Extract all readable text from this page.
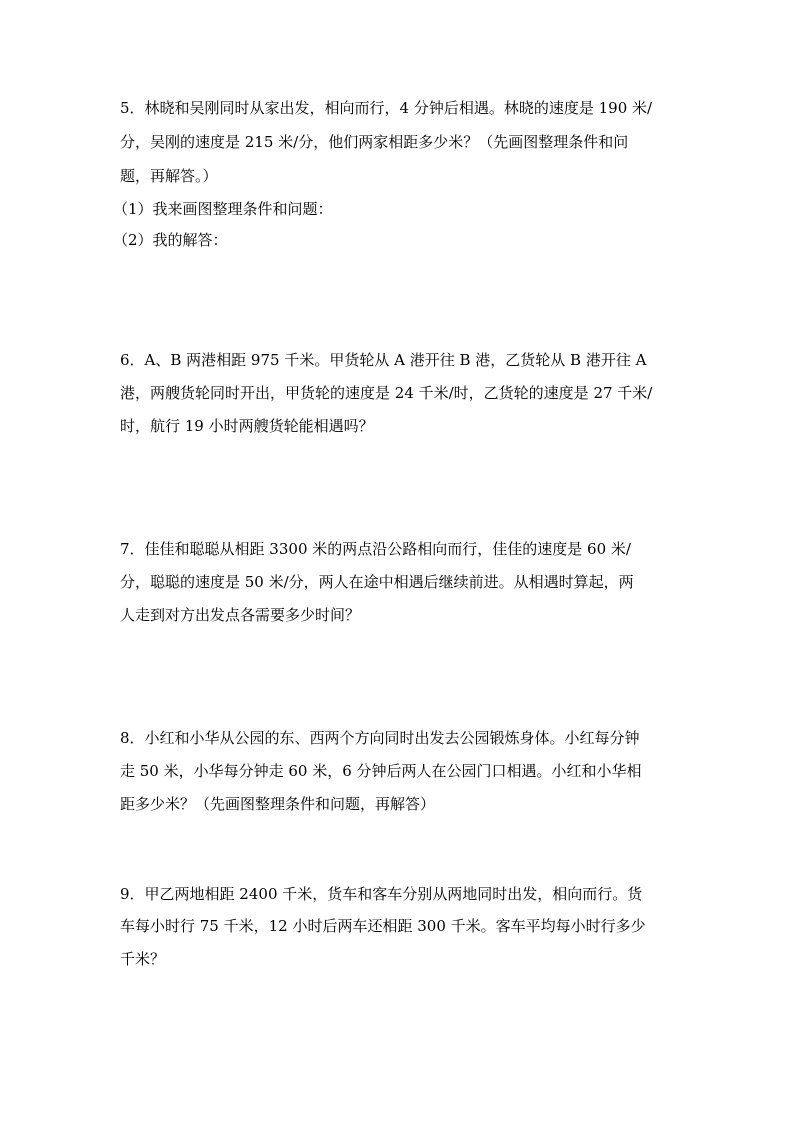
5．林晓和吴刚同时从家出发，相向而行，4 分钟后相遇。林晓的速度是 190 米/
分，吴刚的速度是 215 米/分，他们两家相距多少米？（先画图整理条件和问
题，再解答。）
（1）我来画图整理条件和问题：
（2）我的解答：
6．A、B 两港相距 975 千米。甲货轮从 A 港开往 B 港，乙货轮从 B 港开往 A
港，两艘货轮同时开出，甲货轮的速度是 24 千米/时，乙货轮的速度是 27 千米/
时，航行 19 小时两艘货轮能相遇吗？
7．佳佳和聪聪从相距 3300 米的两点沿公路相向而行，佳佳的速度是 60 米/
分，聪聪的速度是 50 米/分，两人在途中相遇后继续前进。从相遇时算起，两
人走到对方出发点各需要多少时间？
8．小红和小华从公园的东、西两个方向同时出发去公园锻炼身体。小红每分钟
走 50 米，小华每分钟走 60 米，6 分钟后两人在公园门口相遇。小红和小华相
距多少米？（先画图整理条件和问题，再解答）
9．甲乙两地相距 2400 千米，货车和客车分别从两地同时出发，相向而行。货
车每小时行 75 千米，12 小时后两车还相距 300 千米。客车平均每小时行多少
千米？
